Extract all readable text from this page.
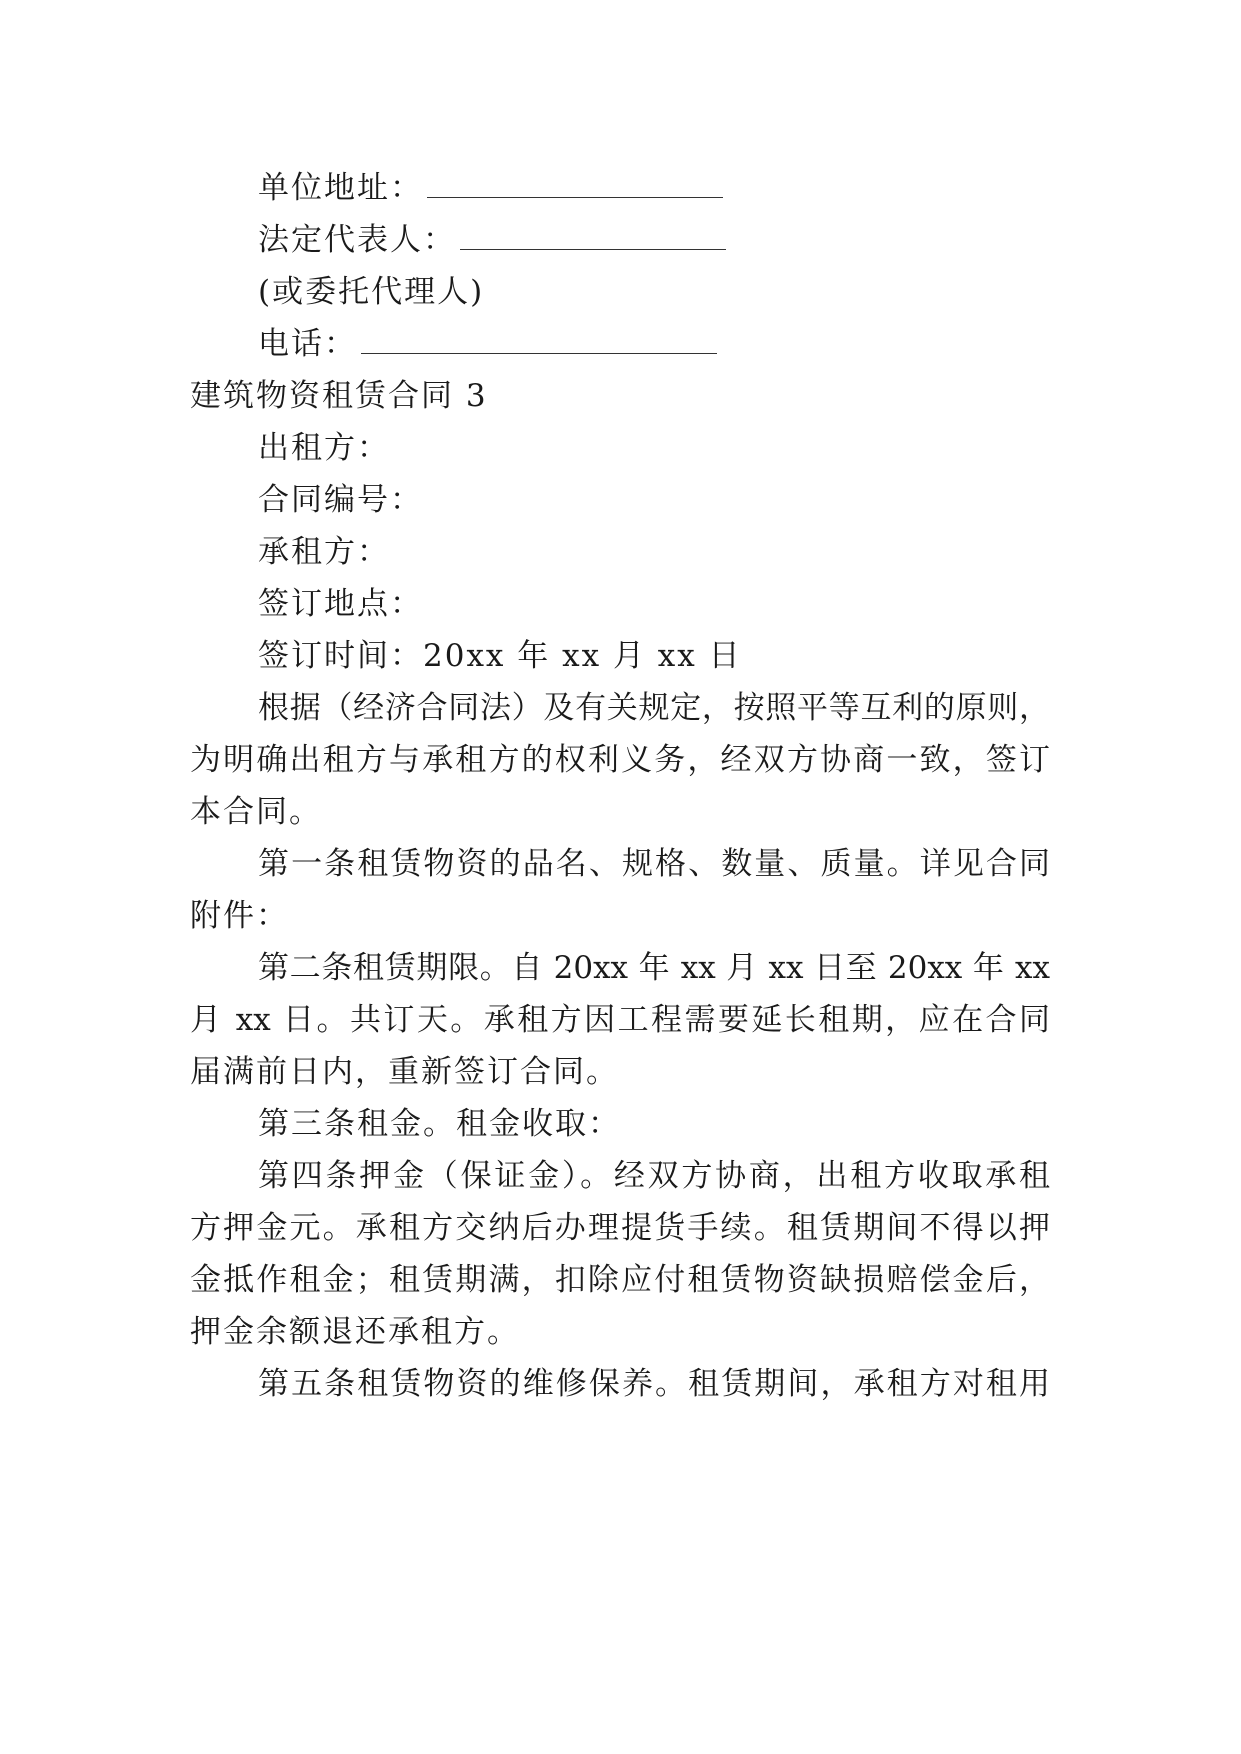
单位地址：
法定代表人：
(或委托代理人)
电话：
建筑物资租赁合同 3
出租方：
合同编号：
承租方：
签订地点：
签订时间：20xx 年 xx 月 xx 日
根据（经济合同法）及有关规定，按照平等互利的原则，
为明确出租方与承租方的权利义务，经双方协商一致，签订
本合同。
第一条租赁物资的品名、规格、数量、质量。详见合同
附件：
第二条租赁期限。自 20xx 年 xx 月 xx 日至 20xx 年 xx
月 xx 日。共订天。承租方因工程需要延长租期，应在合同
届满前日内，重新签订合同。
第三条租金。租金收取：
第四条押金（保证金）。经双方协商，出租方收取承租
方押金元。承租方交纳后办理提货手续。租赁期间不得以押
金抵作租金；租赁期满，扣除应付租赁物资缺损赔偿金后，
押金余额退还承租方。
第五条租赁物资的维修保养。租赁期间，承租方对租用
